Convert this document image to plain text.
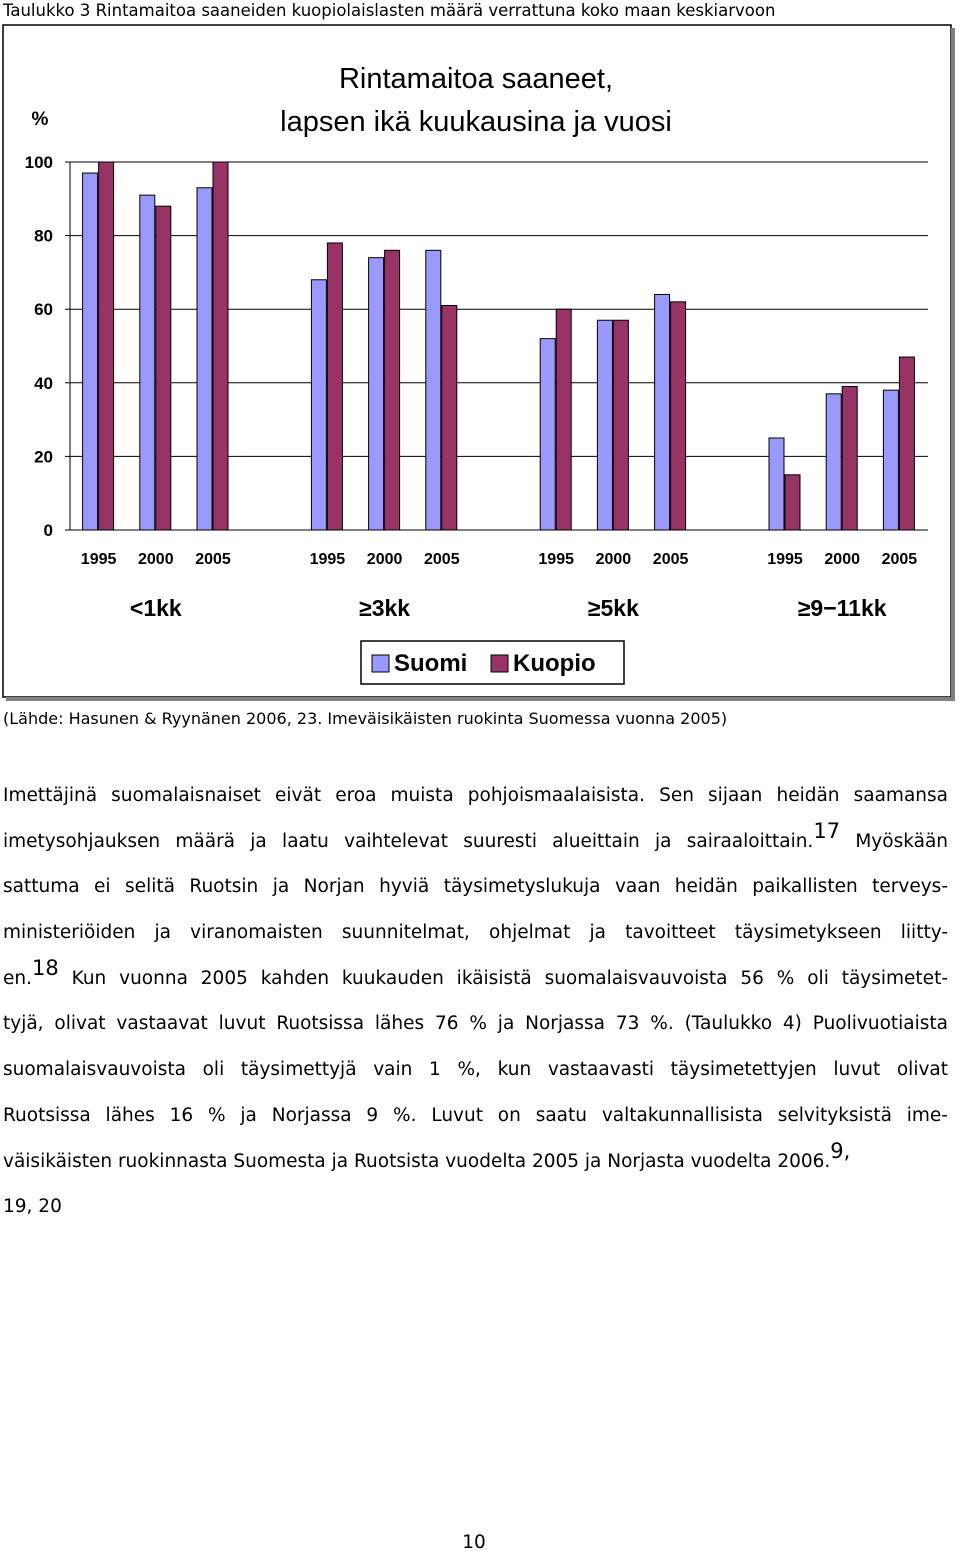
Taulukko 3 Rintamaitoa saaneiden kuopiolaislasten määrä verrattuna koko maan keskiarvoon
Rintamaitoa saaneet,
lapsen ikä kuukausina ja vuosi
%
0
20
40
60
80
100
1995 2000 2005	1995 2000 2005	1995 2000 2005	1995 2000 2005
<1kk	≥3kk	≥5kk	≥9−11kk
Suomi Kuopio
(Lähde: Hasunen & Ryynänen 2006, 23. Imeväisikäisten ruokinta Suomessa vuonna 2005)
Imettäjinä suomalaisnaiset eivät eroa muista pohjoismaalaisista. Sen sijaan heidän saamansa
imetysohjauksen määrä ja laatu vaihtelevat suuresti alueittain ja sairaaloittain.$^{17}$ Myöskään
sattuma ei selitä Ruotsin ja Norjan hyviä täysimetyslukuja vaan heidän paikallisten terveys-
ministeriöiden ja viranomaisten suunnitelmat, ohjelmat ja tavoitteet täysimetykseen liitty-
en.$^{18}$ Kun vuonna 2005 kahden kuukauden ikäisistä suomalaisvauvoista 56 % oli täysimetet-
tyjä, olivat vastaavat luvut Ruotsissa lähes 76 % ja Norjassa 73 %. (Taulukko 4) Puolivuotiaista
suomalaisvauvoista oli täysimettyjä vain 1 %, kun vastaavasti täysimetettyjen luvut olivat
Ruotsissa lähes 16 % ja Norjassa 9 %. Luvut on saatu valtakunnallisista selvityksistä ime-
väisikäisten ruokinnasta Suomesta ja Ruotsista vuodelta 2005 ja Norjasta vuodelta 2006.$^{9,}$
19, 20
10
